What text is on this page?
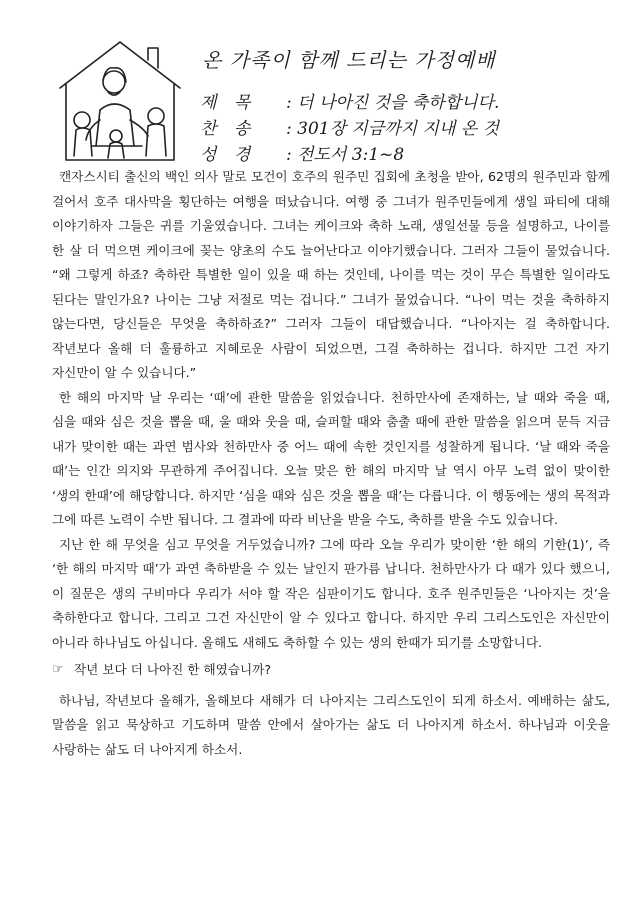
온 가족이 함께 드리는 가정예배
제 목	: 더 나아진 것을 축하합니다.
찬 송	: 301장 지금까지 지내 온 것
성 경	: 전도서 3:1~8

캔자스시티 출신의 백인 의사 말로 모건이 호주의 원주민 집회에 초청을 받아, 62명의 원주민과 함께 걸어서 호주 대사막을 횡단하는 여행을 떠났습니다. 여행 중 그녀가 원주민들에게 생일 파티에 대해 이야기하자 그들은 귀를 기울였습니다. 그녀는 케이크와 축하 노래, 생일선물 등을 설명하고, 나이를 한 살 더 먹으면 케이크에 꽂는 양초의 수도 늘어난다고 이야기했습니다. 그러자 그들이 물었습니다. “왜 그렇게 하죠? 축하란 특별한 일이 있을 때 하는 것인데, 나이를 먹는 것이 무슨 특별한 일이라도 된다는 말인가요? 나이는 그냥 저절로 먹는 겁니다.” 그녀가 물었습니다. “나이 먹는 것을 축하하지 않는다면, 당신들은 무엇을 축하하죠?” 그러자 그들이 대답했습니다. “나아지는 걸 축하합니다. 작년보다 올해 더 훌륭하고 지혜로운 사람이 되었으면, 그걸 축하하는 겁니다. 하지만 그건 자기 자신만이 알 수 있습니다.”

한 해의 마지막 날 우리는 ‘때’에 관한 말씀을 읽었습니다. 천하만사에 존재하는, 날 때와 죽을 때, 심을 때와 심은 것을 뽑을 때, 울 때와 웃을 때, 슬퍼할 때와 춤출 때에 관한 말씀을 읽으며 문득 지금 내가 맞이한 때는 과연 범사와 천하만사 중 어느 때에 속한 것인지를 성찰하게 됩니다. ‘날 때와 죽을 때’는 인간 의지와 무관하게 주어집니다. 오늘 맞은 한 해의 마지막 날 역시 아무 노력 없이 맞이한 ‘생의 한때’에 해당합니다. 하지만 ‘심을 때와 심은 것을 뽑을 때’는 다릅니다. 이 행동에는 생의 목적과 그에 따른 노력이 수반 됩니다. 그 결과에 따라 비난을 받을 수도, 축하를 받을 수도 있습니다.

지난 한 해 무엇을 심고 무엇을 거두었습니까? 그에 따라 오늘 우리가 맞이한 ‘한 해의 기한(1)’, 즉 ‘한 해의 마지막 때’가 과연 축하받을 수 있는 날인지 판가름 납니다. 천하만사가 다 때가 있다 했으니, 이 질문은 생의 구비마다 우리가 서야 할 작은 심판이기도 합니다. 호주 원주민들은 ‘나아지는 것’을 축하한다고 합니다. 그리고 그건 자신만이 알 수 있다고 합니다. 하지만 우리 그리스도인은 자신만이 아니라 하나님도 아십니다. 올해도 새해도 축하할 수 있는 생의 한때가 되기를 소망합니다.

☞ 작년 보다 더 나아진 한 해였습니까?

하나님, 작년보다 올해가, 올해보다 새해가 더 나아지는 그리스도인이 되게 하소서. 예배하는 삶도, 말씀을 읽고 묵상하고 기도하며 말씀 안에서 살아가는 삶도 더 나아지게 하소서. 하나님과 이웃을 사랑하는 삶도 더 나아지게 하소서.
